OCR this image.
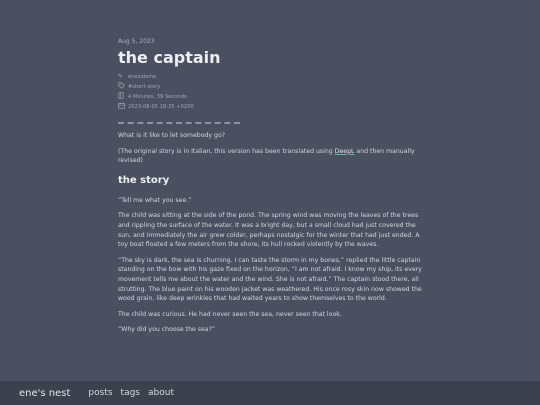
Aug 5, 2023
the captain
✎ enesidemo
#short story
4 Minutes, 39 Seconds
2023-08-05 18:35 +0200

What is it like to let somebody go?

(The original story is in Italian, this version has been translated using DeepL and then manually revised)

the story

“Tell me what you see.”

The child was sitting at the side of the pond. The spring wind was moving the leaves of the trees and rippling the surface of the water. It was a bright day, but a small cloud had just covered the sun, and immediately the air grew colder, perhaps nostalgic for the winter that had just ended. A toy boat floated a few meters from the shore, its hull rocked violently by the waves.

“The sky is dark, the sea is churning. I can taste the storm in my bones,” replied the little captain standing on the bow with his gaze fixed on the horizon, “I am not afraid. I know my ship, its every movement tells me about the water and the wind. She is not afraid.” The captain stood there, all strutting. The blue paint on his wooden jacket was weathered. His once rosy skin now showed the wood grain, like deep wrinkles that had waited years to show themselves to the world.

The child was curious. He had never seen the sea, never seen that look.

“Why did you choose the sea?”

ene's nest posts tags about
